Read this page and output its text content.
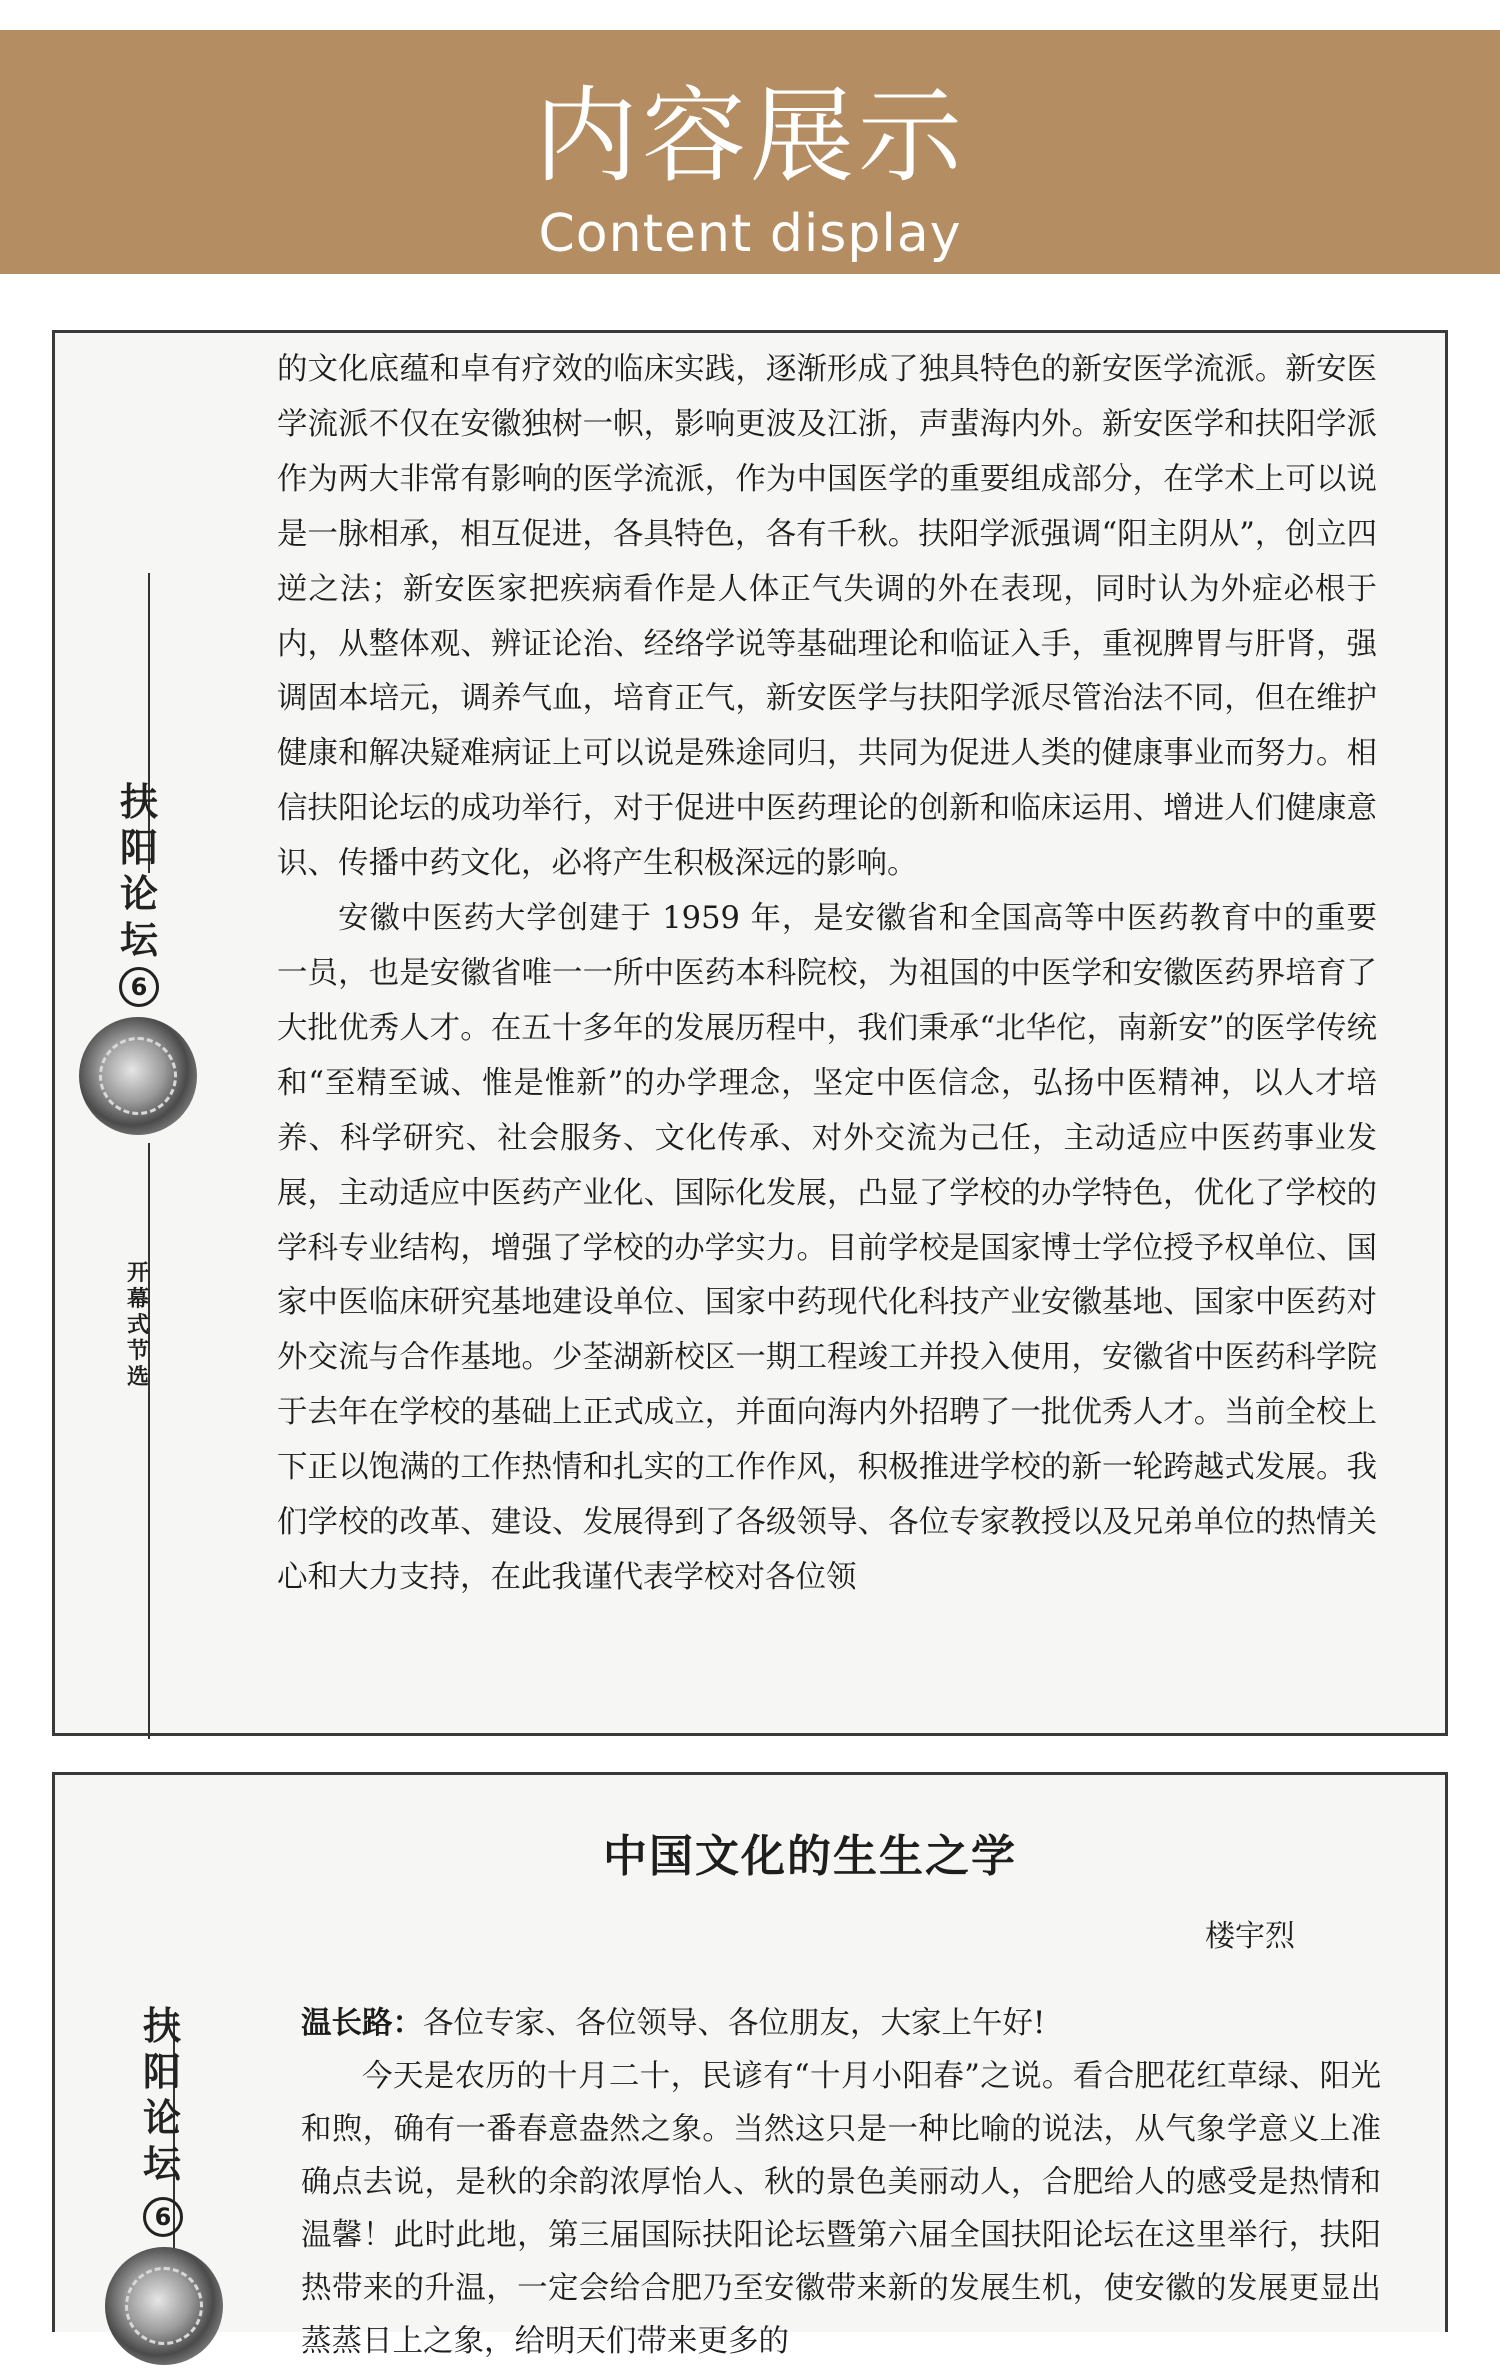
内容展示
Content display
扶
阳
论
坛
6
开
幕
式
节
选

的文化底蕴和卓有疗效的临床实践，逐渐形成了独具特色的新安医学流派。新安医学流派不仅在安徽独树一帜，影响更波及江浙，声蜚海内外。新安医学和扶阳学派作为两大非常有影响的医学流派，作为中国医学的重要组成部分，在学术上可以说是一脉相承，相互促进，各具特色，各有千秋。扶阳学派强调“阳主阴从”，创立四逆之法；新安医家把疾病看作是人体正气失调的外在表现，同时认为外症必根于内，从整体观、辨证论治、经络学说等基础理论和临证入手，重视脾胃与肝肾，强调固本培元，调养气血，培育正气，新安医学与扶阳学派尽管治法不同，但在维护健康和解决疑难病证上可以说是殊途同归，共同为促进人类的健康事业而努力。相信扶阳论坛的成功举行，对于促进中医药理论的创新和临床运用、增进人们健康意识、传播中药文化，必将产生积极深远的影响。

安徽中医药大学创建于 1959 年，是安徽省和全国高等中医药教育中的重要一员，也是安徽省唯一一所中医药本科院校，为祖国的中医学和安徽医药界培育了大批优秀人才。在五十多年的发展历程中，我们秉承“北华佗，南新安”的医学传统和“至精至诚、惟是惟新”的办学理念，坚定中医信念，弘扬中医精神，以人才培养、科学研究、社会服务、文化传承、对外交流为己任，主动适应中医药事业发展，主动适应中医药产业化、国际化发展，凸显了学校的办学特色，优化了学校的学科专业结构，增强了学校的办学实力。目前学校是国家博士学位授予权单位、国家中医临床研究基地建设单位、国家中药现代化科技产业安徽基地、国家中医药对外交流与合作基地。少荃湖新校区一期工程竣工并投入使用，安徽省中医药科学院于去年在学校的基础上正式成立，并面向海内外招聘了一批优秀人才。当前全校上下正以饱满的工作热情和扎实的工作作风，积极推进学校的新一轮跨越式发展。我们学校的改革、建设、发展得到了各级领导、各位专家教授以及兄弟单位的热情关心和大力支持，在此我谨代表学校对各位领

中国文化的生生之学
楼宇烈
扶
阳
论
坛
6

温长路：各位专家、各位领导、各位朋友，大家上午好!

今天是农历的十月二十，民谚有“十月小阳春”之说。看合肥花红草绿、阳光和煦，确有一番春意盎然之象。当然这只是一种比喻的说法，从气象学意义上准确点去说，是秋的余韵浓厚怡人、秋的景色美丽动人，合肥给人的感受是热情和温馨！此时此地，第三届国际扶阳论坛暨第六届全国扶阳论坛在这里举行，扶阳热带来的升温，一定会给合肥乃至安徽带来新的发展生机，使安徽的发展更显出蒸蒸日上之象，给明天们带来更多的
